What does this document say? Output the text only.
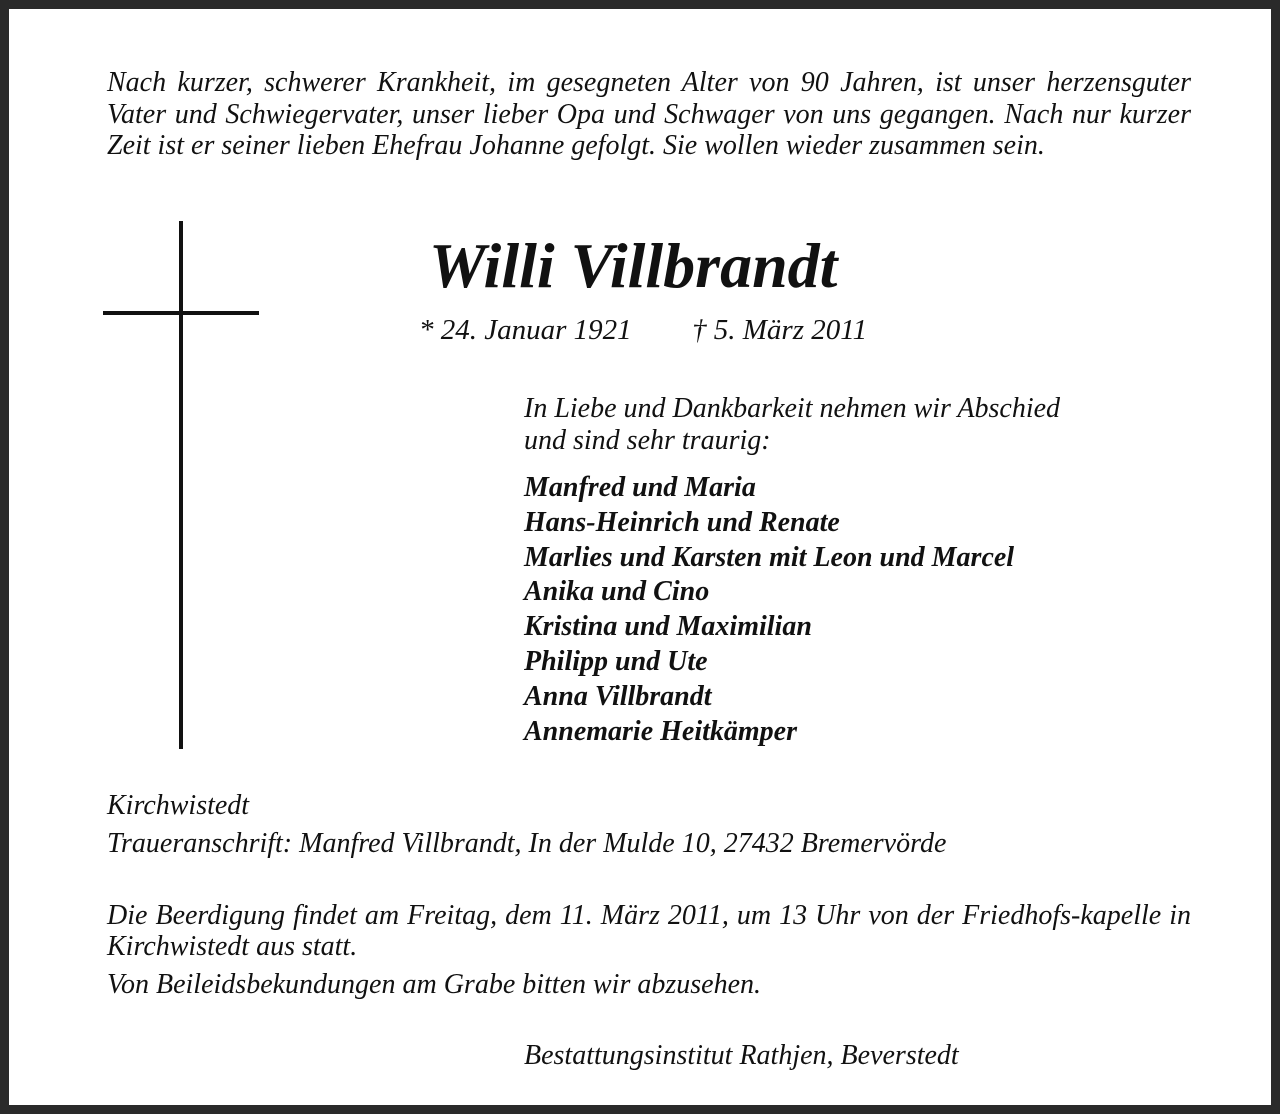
Nach kurzer, schwerer Krankheit, im gesegneten Alter von 90 Jahren, ist unser herzensguter Vater und Schwiegervater, unser lieber Opa und Schwager von uns gegangen. Nach nur kurzer Zeit ist er seiner lieben Ehefrau Johanne gefolgt. Sie wollen wieder zusammen sein.

Willi Villbrandt
* 24. Januar 1921 † 5. März 2011

In Liebe und Dankbarkeit nehmen wir Abschied
und sind sehr traurig:

Manfred und Maria
Hans-Heinrich und Renate
Marlies und Karsten mit Leon und Marcel
Anika und Cino
Kristina und Maximilian
Philipp und Ute
Anna Villbrandt
Annemarie Heitkämper

Kirchwistedt

Traueranschrift: Manfred Villbrandt, In der Mulde 10, 27432 Bremervörde

Die Beerdigung findet am Freitag, dem 11. März 2011, um 13 Uhr von der Friedhofs-kapelle in Kirchwistedt aus statt.

Von Beileidsbekundungen am Grabe bitten wir abzusehen.

Bestattungsinstitut Rathjen, Beverstedt
